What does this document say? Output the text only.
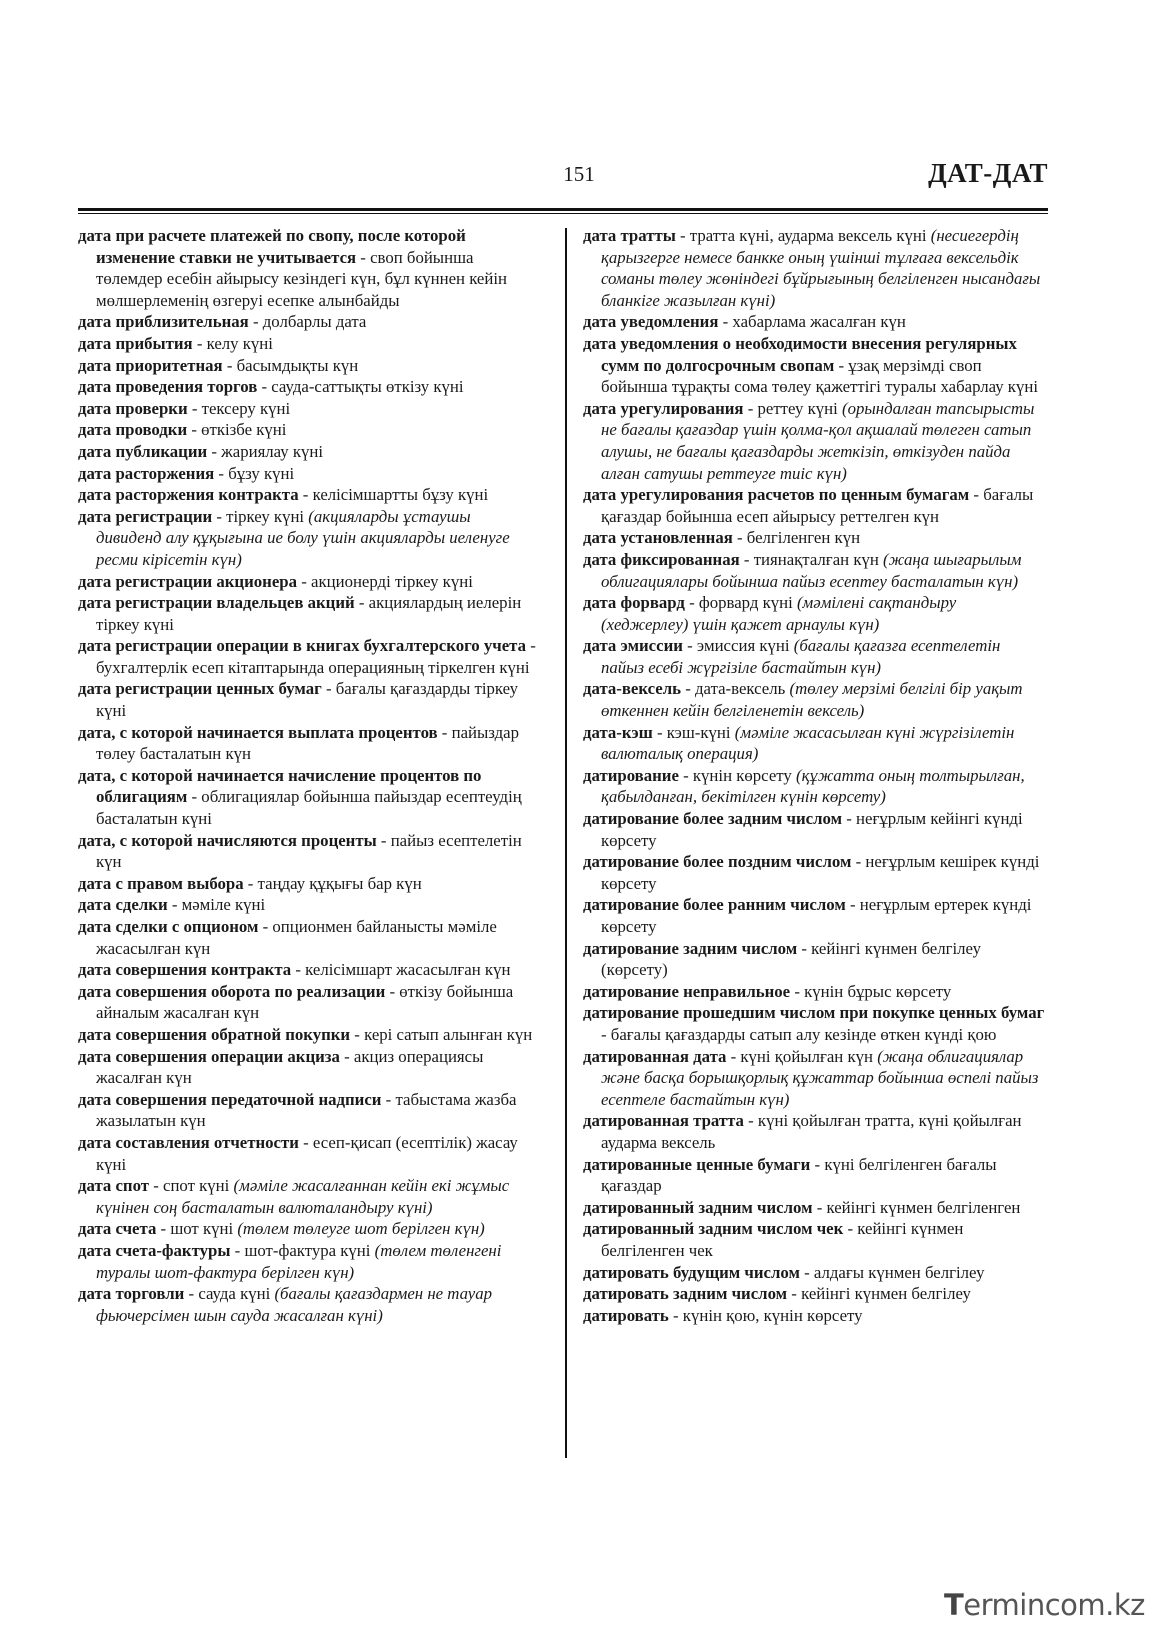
151	ДАТ-ДАТ

дата при расчете платежей по свопу, после которой изменение ставки не учитывается - своп бойынша төлемдер есебін айырысу кезіндегі күн, бұл күннен кейін мөлшерлеменің өзгеруі есепке алынбайды

дата приблизительная - долбарлы дата

дата прибытия - келу күні

дата приоритетная - басымдықты күн

дата проведения торгов - сауда-саттықты өткізу күні

дата проверки - тексеру күні

дата проводки - өткізбе күні

дата публикации - жариялау күні

дата расторжения - бұзу күні

дата расторжения контракта - келісімшартты бұзу күні

дата регистрации - тіркеу күні (акцияларды ұстаушы дивиденд алу құқығына ие болу үшін акцияларды иеленуге ресми кірісетін күн)

дата регистрации акционера - акционерді тіркеу күні

дата регистрации владельцев акций - акциялардың иелерін тіркеу күні

дата регистрации операции в книгах бухгалтерского учета - бухгалтерлік есеп кітаптарында операцияның тіркелген күні

дата регистрации ценных бумаг - бағалы қағаздарды тіркеу күні

дата, с которой начинается выплата процентов - пайыздар төлеу басталатын күн

дата, с которой начинается начисление процентов по облигациям - облигациялар бойынша пайыздар есептеудің басталатын күні

дата, с которой начисляются проценты - пайыз есептелетін күн

дата с правом выбора - таңдау құқығы бар күн

дата сделки - мәміле күні

дата сделки с опционом - опционмен байланысты мәміле жасасылған күн

дата совершения контракта - келісімшарт жасасылған күн

дата совершения оборота по реализации - өткізу бойынша айналым жасалған күн

дата совершения обратной покупки - кері сатып алынған күн

дата совершения операции акциза - акциз операциясы жасалған күн

дата совершения передаточной надписи - табыстама жазба жазылатын күн

дата составления отчетности - есеп-қисап (есептілік) жасау күні

дата спот - спот күні (мәміле жасалғаннан кейін екі жұмыс күнінен соң басталатын валюталандыру күні)

дата счета - шот күні (төлем төлеуге шот берілген күн)

дата счета-фактуры - шот-фактура күні (төлем төленгені туралы шот-фактура берілген күн)

дата торговли - сауда күні (бағалы қағаздармен не тауар фьючерсімен шын сауда жасалған күні)

дата тратты - тратта күні, аударма вексель күні (несиегердің қарызгерге немесе банкке оның үшінші тұлғаға вексельдік соманы төлеу жөніндегі бұйрығының белгіленген нысандағы бланкіге жазылған күні)

дата уведомления - хабарлама жасалған күн

дата уведомления о необходимости внесения регулярных сумм по долгосрочным свопам - ұзақ мерзімді своп бойынша тұрақты сома төлеу қажеттігі туралы хабарлау күні

дата урегулирования - реттеу күні (орындалған тапсырысты не бағалы қағаздар үшін қолма-қол ақшалай төлеген сатып алушы, не бағалы қағаздарды жеткізіп, өткізуден пайда алған сатушы реттеуге тиіс күн)

дата урегулирования расчетов по ценным бумагам - бағалы қағаздар бойынша есеп айырысу реттелген күн

дата установленная - белгіленген күн

дата фиксированная - тиянақталған күн (жаңа шығарылым облигациялары бойынша пайыз есептеу басталатын күн)

дата форвард - форвард күні (мәмілені сақтандыру (хеджерлеу) үшін қажет арнаулы күн)

дата эмиссии - эмиссия күні (бағалы қағазға есептелетін пайыз есебі жүргізіле бастайтын күн)

дата-вексель - дата-вексель (төлеу мерзімі белгілі бір уақыт өткеннен кейін белгіленетін вексель)

дата-кэш - кэш-күні (мәміле жасасылған күні жүргізілетін валюталық операция)

датирование - күнін көрсету (құжатта оның толтырылған, қабылданған, бекітілген күнін көрсету)

датирование более задним числом - неғұрлым кейінгі күнді көрсету

датирование более поздним числом - неғұрлым кешірек күнді көрсету

датирование более ранним числом - неғұрлым ертерек күнді көрсету

датирование задним числом - кейінгі күнмен белгілеу (көрсету)

датирование неправильное - күнін бұрыс көрсету

датирование прошедшим числом при покупке ценных бумаг - бағалы қағаздарды сатып алу кезінде өткен күнді қою

датированная дата - күні қойылған күн (жаңа облигациялар және басқа борышқорлық құжаттар бойынша өспелі пайыз есептеле бастайтын күн)

датированная тратта - күні қойылған тратта, күні қойылған аударма вексель

датированные ценные бумаги - күні белгіленген бағалы қағаздар

датированный задним числом - кейінгі күнмен белгіленген

датированный задним числом чек - кейінгі күнмен белгіленген чек

датировать будущим числом - алдағы күнмен белгілеу

датировать задним числом - кейінгі күнмен белгілеу

датировать - күнін қою, күнін көрсету

Termincom.kz
